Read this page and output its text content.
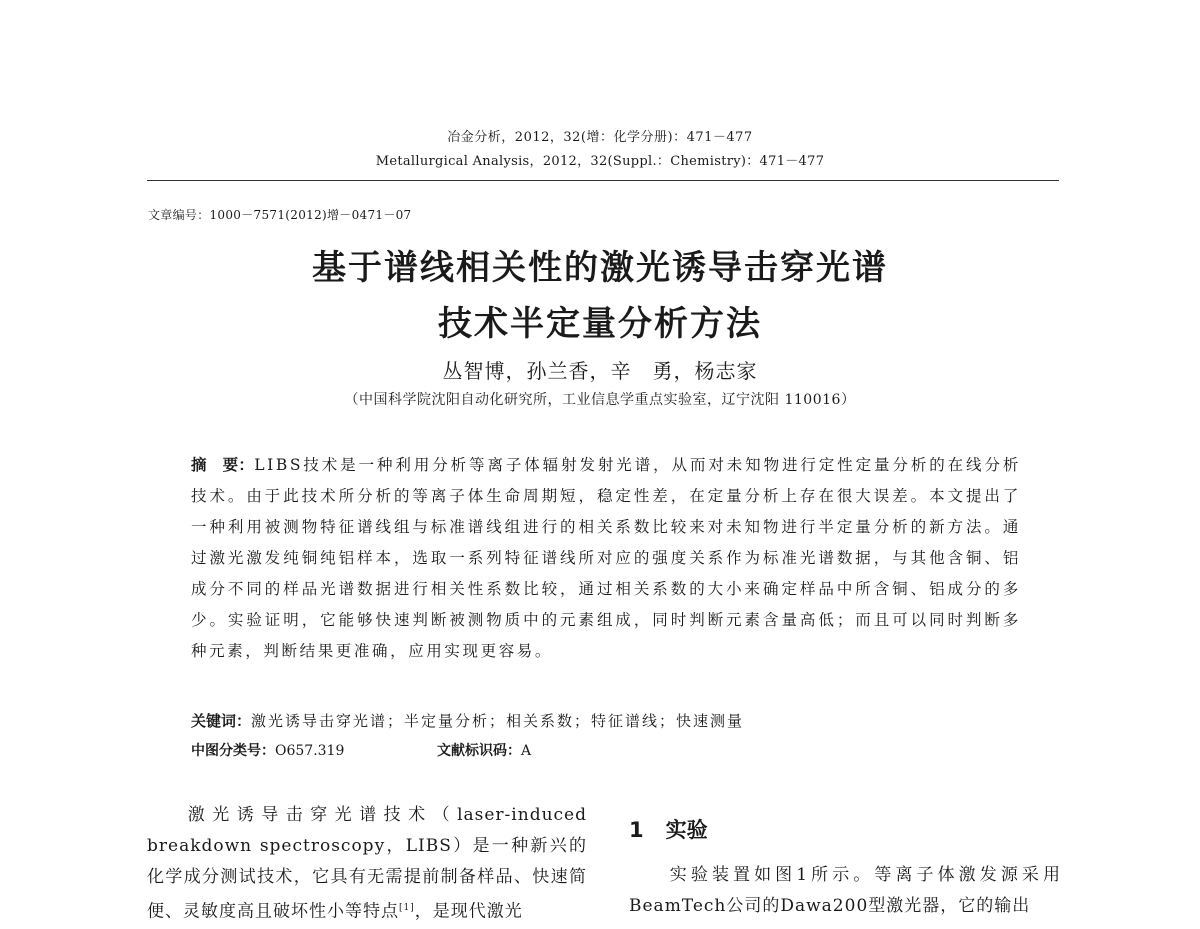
冶金分析，2012，32(增：化学分册)：471－477
Metallurgical Analysis，2012，32(Suppl.：Chemistry)：471－477
文章编号：1000－7571(2012)增－0471－07
基于谱线相关性的激光诱导击穿光谱
技术半定量分析方法
丛智博，孙兰香，辛　勇，杨志家
（中国科学院沈阳自动化研究所，工业信息学重点实验室，辽宁沈阳 110016）
摘　要：LIBS技术是一种利用分析等离子体辐射发射光谱，从而对未知物进行定性定量分析的在线分析技术。由于此技术所分析的等离子体生命周期短，稳定性差，在定量分析上存在很大误差。本文提出了一种利用被测物特征谱线组与标准谱线组进行的相关系数比较来对未知物进行半定量分析的新方法。通过激光激发纯铜纯铝样本，选取一系列特征谱线所对应的强度关系作为标准光谱数据，与其他含铜、铝成分不同的样品光谱数据进行相关性系数比较，通过相关系数的大小来确定样品中所含铜、铝成分的多少。实验证明，它能够快速判断被测物质中的元素组成，同时判断元素含量高低；而且可以同时判断多种元素，判断结果更准确，应用实现更容易。
关键词：激光诱导击穿光谱；半定量分析；相关系数；特征谱线；快速测量
中图分类号：O657.319	文献标识码：A

激光诱导击穿光谱技术（laser-induced breakdown spectroscopy，LIBS）是一种新兴的化学成分测试技术，它具有无需提前制备样品、快速简便、灵敏度高且破坏性小等特点[1]，是现代激光

1 实验

实验装置如图1所示。等离子体激发源采用BeamTech公司的Dawa200型激光器，它的输出
